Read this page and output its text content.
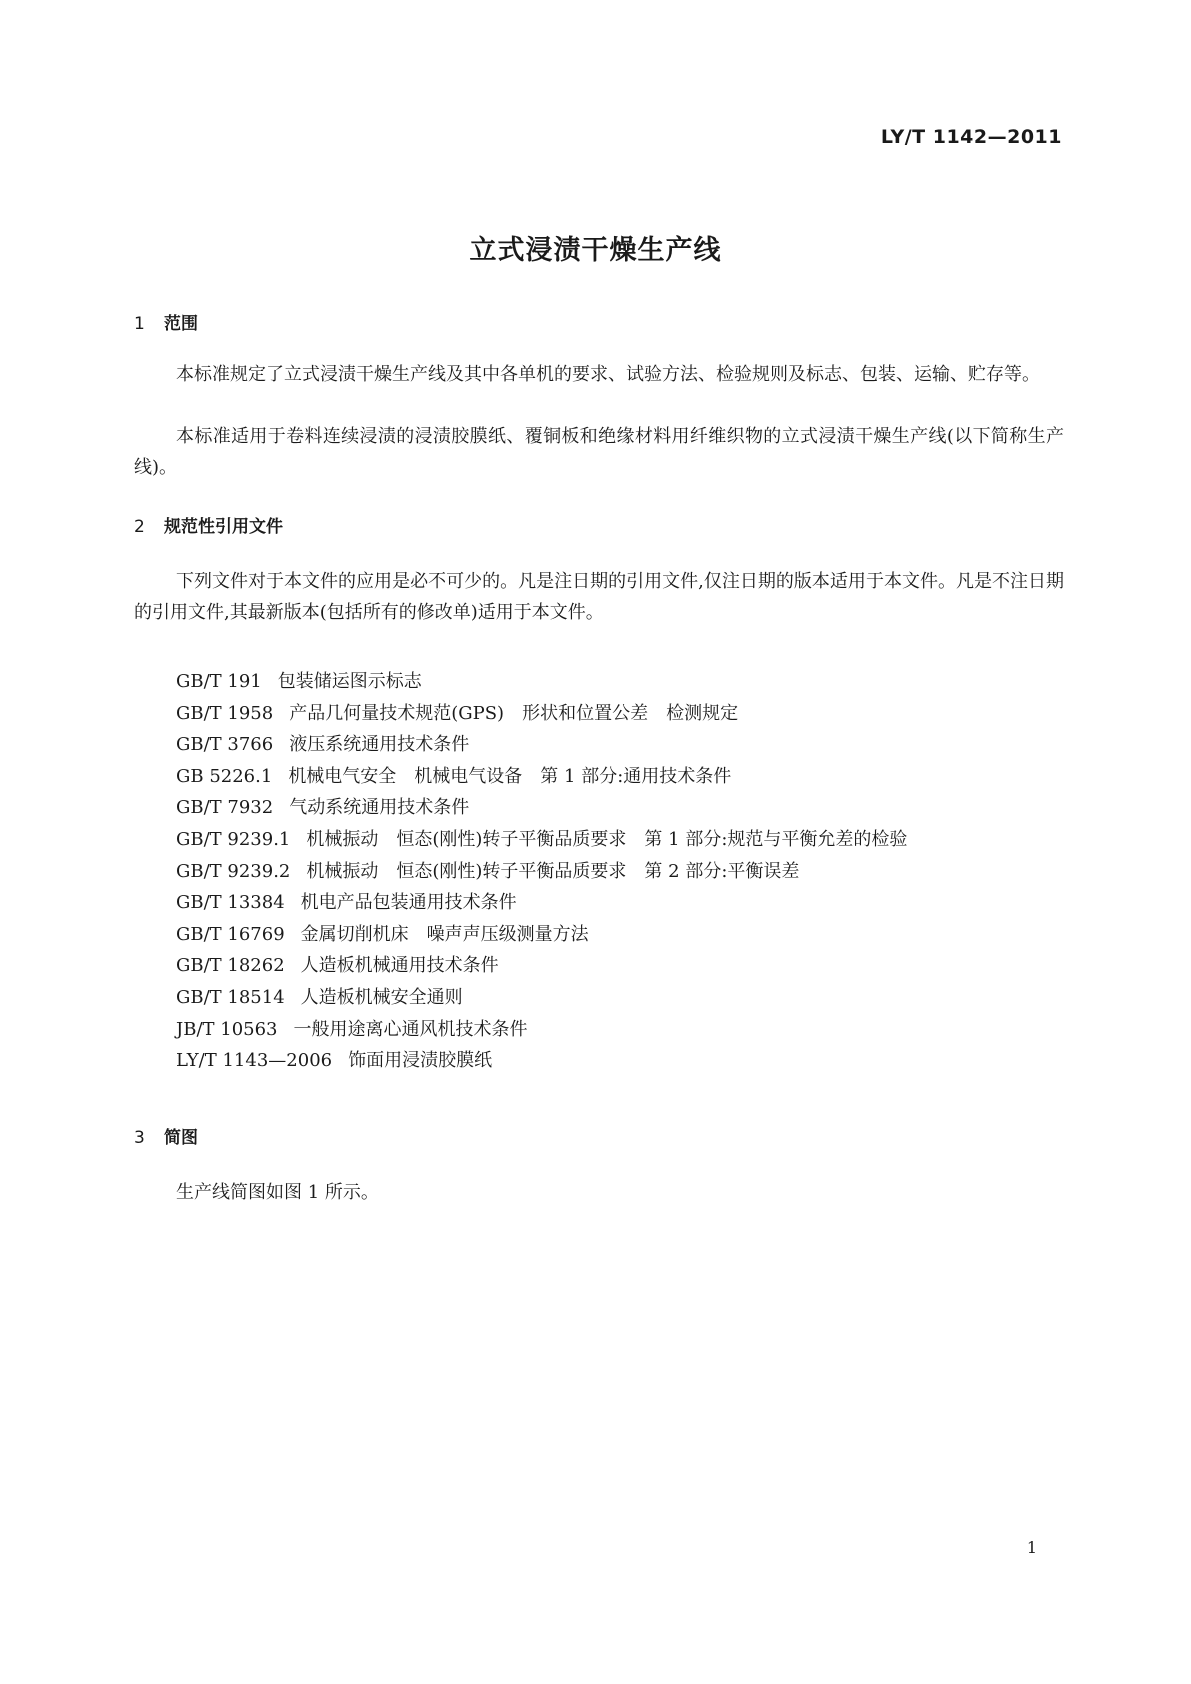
LY/T 1142—2011
立式浸渍干燥生产线
1 范围

本标准规定了立式浸渍干燥生产线及其中各单机的要求、试验方法、检验规则及标志、包装、运输、贮存等。

本标准适用于卷料连续浸渍的浸渍胶膜纸、覆铜板和绝缘材料用纤维织物的立式浸渍干燥生产线(以下简称生产线)。

2 规范性引用文件

下列文件对于本文件的应用是必不可少的。凡是注日期的引用文件,仅注日期的版本适用于本文件。凡是不注日期的引用文件,其最新版本(包括所有的修改单)适用于本文件。

GB/T 191 包装储运图示标志
GB/T 1958 产品几何量技术规范(GPS)　形状和位置公差　检测规定
GB/T 3766 液压系统通用技术条件
GB 5226.1 机械电气安全　机械电气设备　第 1 部分:通用技术条件
GB/T 7932 气动系统通用技术条件
GB/T 9239.1 机械振动　恒态(刚性)转子平衡品质要求　第 1 部分:规范与平衡允差的检验
GB/T 9239.2 机械振动　恒态(刚性)转子平衡品质要求　第 2 部分:平衡误差
GB/T 13384 机电产品包装通用技术条件
GB/T 16769 金属切削机床　噪声声压级测量方法
GB/T 18262 人造板机械通用技术条件
GB/T 18514 人造板机械安全通则
JB/T 10563 一般用途离心通风机技术条件
LY/T 1143—2006 饰面用浸渍胶膜纸
3 简图

生产线简图如图 1 所示。

1
